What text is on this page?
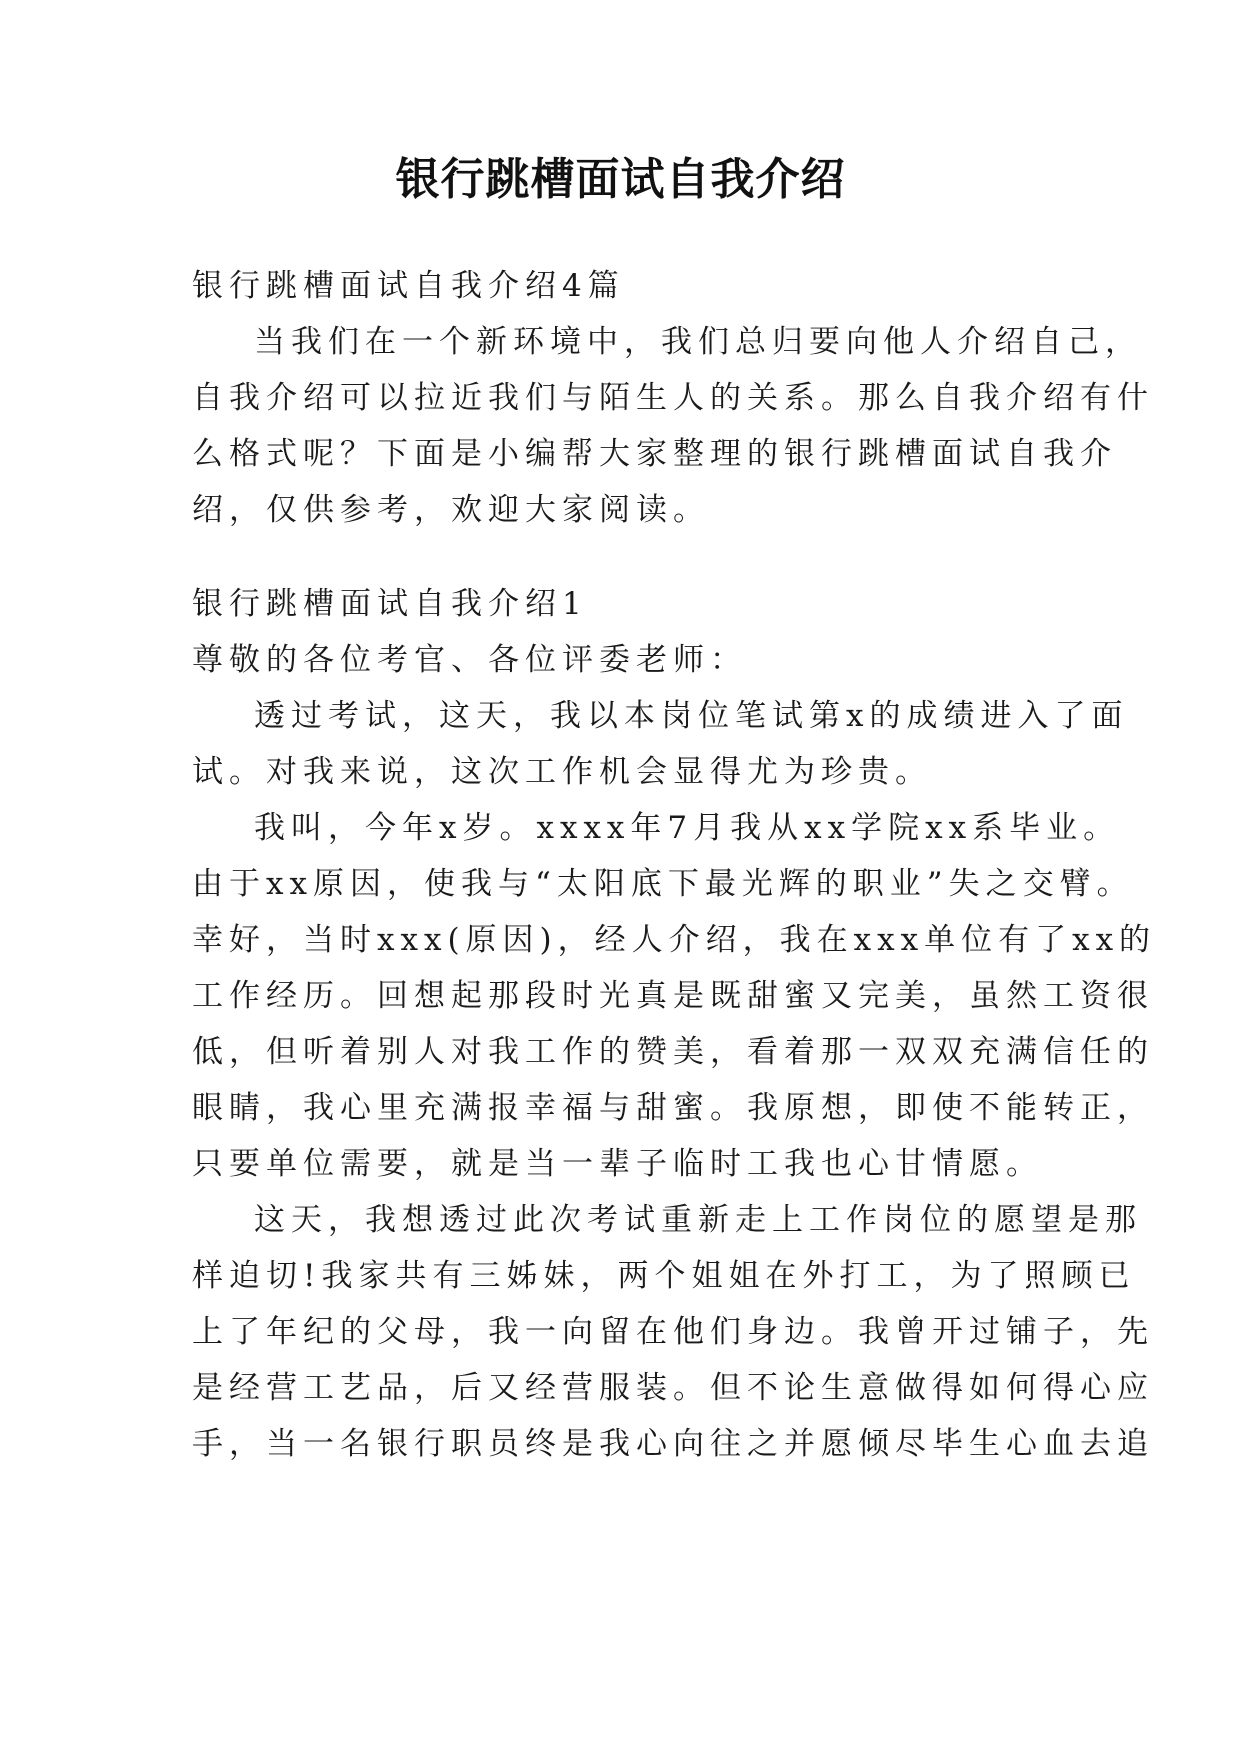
银行跳槽面试自我介绍
银行跳槽面试自我介绍4篇
当我们在一个新环境中，我们总归要向他人介绍自己，
自我介绍可以拉近我们与陌生人的关系。那么自我介绍有什
么格式呢？下面是小编帮大家整理的银行跳槽面试自我介
绍，仅供参考，欢迎大家阅读。
银行跳槽面试自我介绍1
尊敬的各位考官、各位评委老师：
透过考试，这天，我以本岗位笔试第x的成绩进入了面
试。对我来说，这次工作机会显得尤为珍贵。
我叫，今年x岁。xxxx年7月我从xx学院xx系毕业。
由于xx原因，使我与“太阳底下最光辉的职业”失之交臂。
幸好，当时xxx(原因)，经人介绍，我在xxx单位有了xx的
工作经历。回想起那段时光真是既甜蜜又完美，虽然工资很
低，但听着别人对我工作的赞美，看着那一双双充满信任的
眼睛，我心里充满报幸福与甜蜜。我原想，即使不能转正，
只要单位需要，就是当一辈子临时工我也心甘情愿。
这天，我想透过此次考试重新走上工作岗位的愿望是那
样迫切!我家共有三姊妹，两个姐姐在外打工，为了照顾已
上了年纪的父母，我一向留在他们身边。我曾开过铺子，先
是经营工艺品，后又经营服装。但不论生意做得如何得心应
手，当一名银行职员终是我心向往之并愿倾尽毕生心血去追
